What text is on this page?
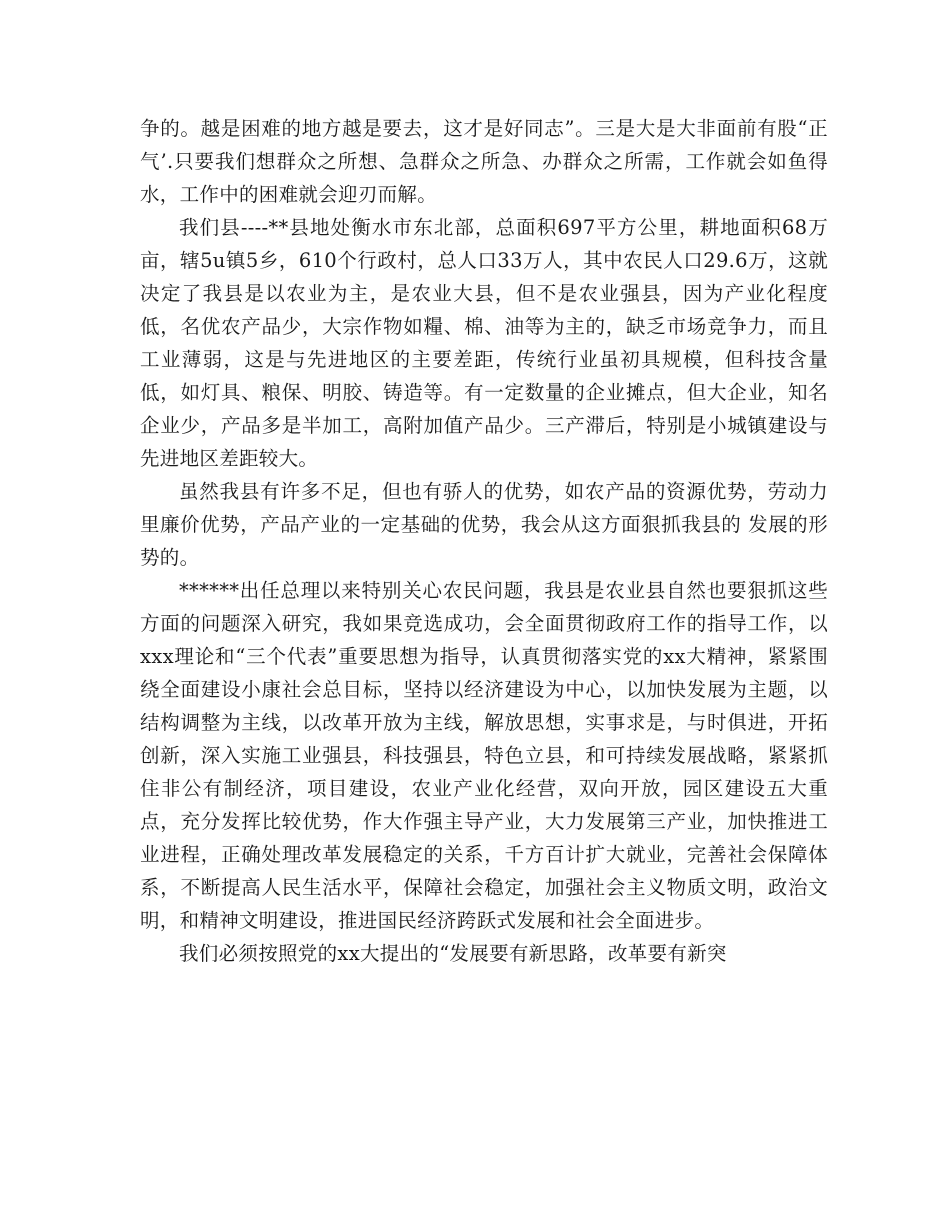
争的。越是困难的地方越是要去，这才是好同志”。三是大是大非面前有股“正气’.只要我们想群众之所想、急群众之所急、办群众之所需，工作就会如鱼得水，工作中的困难就会迎刃而解。

我们县----**县地处衡水市东北部，总面积697平方公里，耕地面积68万亩，辖5u镇5乡，610个行政村，总人口33万人，其中农民人口29.6万，这就决定了我县是以农业为主，是农业大县，但不是农业强县，因为产业化程度低，名优农产品少，大宗作物如糧、棉、油等为主的，缺乏市场竞争力，而且工业薄弱，这是与先进地区的主要差距，传统行业虽初具规模，但科技含量低，如灯具、粮保、明胶、铸造等。有一定数量的企业摊点，但大企业，知名企业少，产品多是半加工，高附加值产品少。三产滞后，特别是小城镇建设与先进地区差距较大。

虽然我县有许多不足，但也有骄人的优势，如农产品的资源优势，劳动力里廉价优势，产品产业的一定基础的优势，我会从这方面狠抓我县的 发展的形势的。

******出任总理以来特别关心农民问题，我县是农业县自然也要狠抓这些方面的问题深入研究，我如果竞选成功，会全面贯彻政府工作的指导工作，以xxx理论和“三个代表”重要思想为指导，认真贯彻落实党的xx大精神，紧紧围绕全面建设小康社会总目标，坚持以经济建设为中心，以加快发展为主题，以结构调整为主线，以改革开放为主线，解放思想，实事求是，与时俱进，开拓创新，深入实施工业强县，科技强县，特色立县，和可持续发展战略，紧紧抓住非公有制经济，项目建设，农业产业化经营，双向开放，园区建设五大重点，充分发挥比较优势，作大作强主导产业，大力发展第三产业，加快推进工业进程，正确处理改革发展稳定的关系，千方百计扩大就业，完善社会保障体系，不断提高人民生活水平，保障社会稳定，加强社会主义物质文明，政治文明，和精神文明建设，推进国民经济跨跃式发展和社会全面进步。

我们必须按照党的xx大提出的“发展要有新思路，改革要有新突
